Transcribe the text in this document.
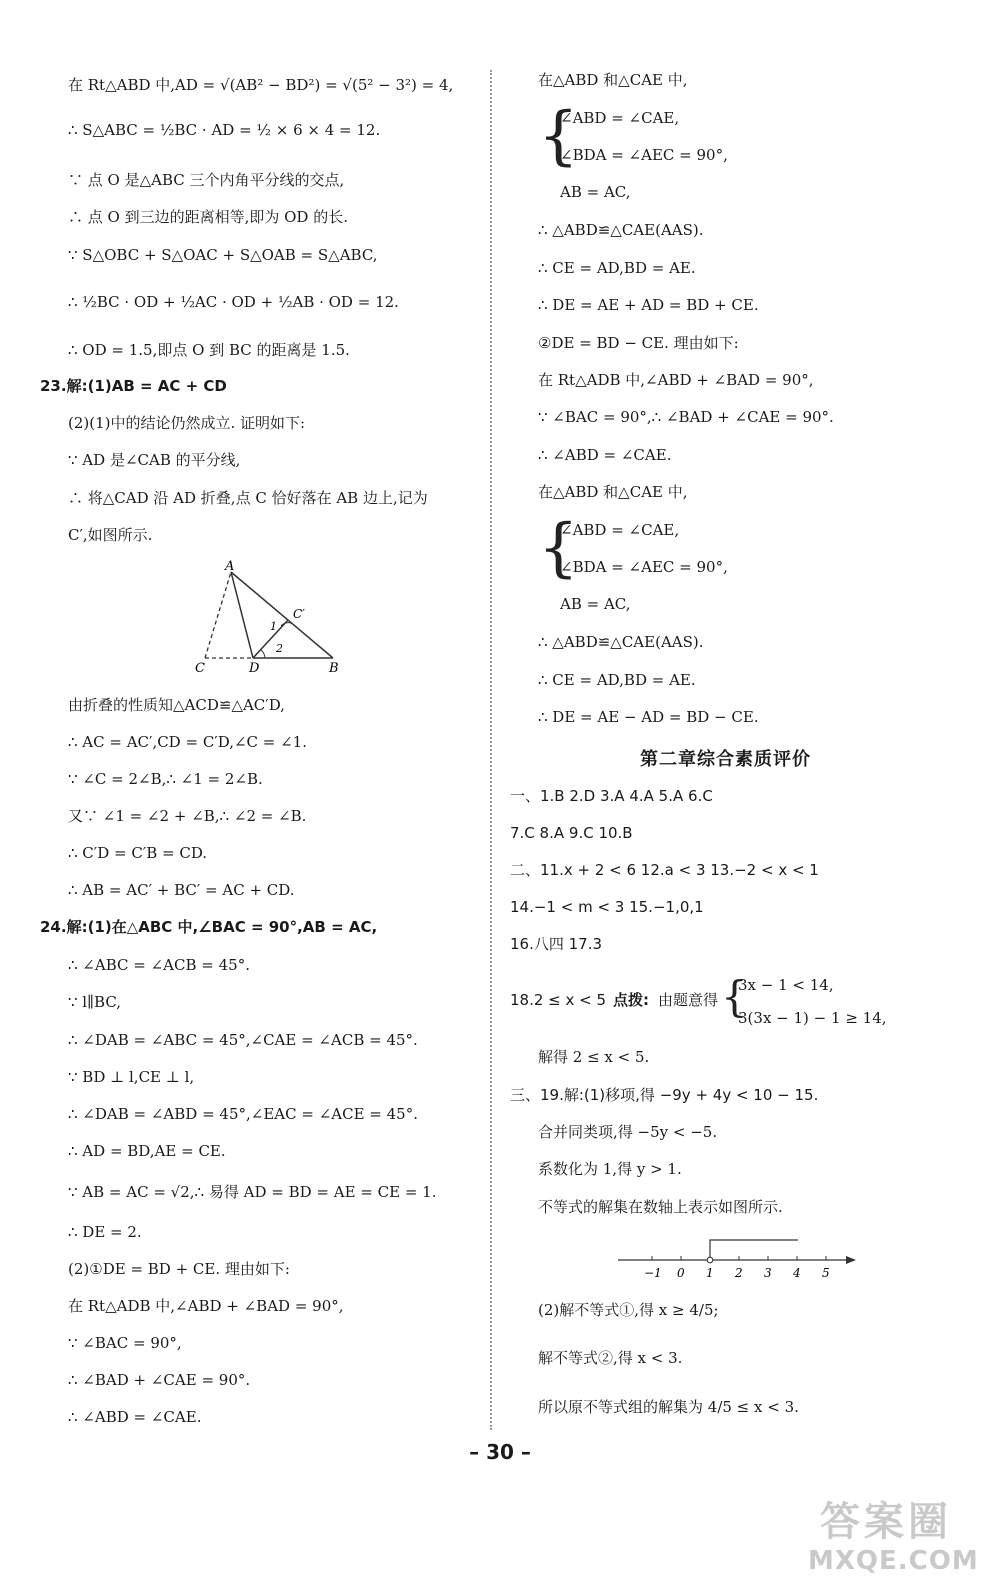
在 Rt△ABD 中,AD = √(AB² − BD²) = √(5² − 3²) = 4,
∴ S△ABC = ½BC · AD = ½ × 6 × 4 = 12.
∵ 点 O 是△ABC 三个内角平分线的交点,
∴ 点 O 到三边的距离相等,即为 OD 的长.
∵ S△OBC + S△OAC + S△OAB = S△ABC,
∴ ½BC · OD + ½AC · OD + ½AB · OD = 12.
∴ OD = 1.5,即点 O 到 BC 的距离是 1.5.
23.解:(1)AB = AC + CD
(2)(1)中的结论仍然成立. 证明如下:
∵ AD 是∠CAB 的平分线,
∴ 将△CAD 沿 AD 折叠,点 C 恰好落在 AB 边上,记为
C′,如图所示.
A
C′
1
2
C	D	B
由折叠的性质知△ACD≌△AC′D,
∴ AC = AC′,CD = C′D,∠C = ∠1.
∵ ∠C = 2∠B,∴ ∠1 = 2∠B.
又∵ ∠1 = ∠2 + ∠B,∴ ∠2 = ∠B.
∴ C′D = C′B = CD.
∴ AB = AC′ + BC′ = AC + CD.
24.解:(1)在△ABC 中,∠BAC = 90°,AB = AC,
∴ ∠ABC = ∠ACB = 45°.
∵ l∥BC,
∴ ∠DAB = ∠ABC = 45°,∠CAE = ∠ACB = 45°.
∵ BD ⊥ l,CE ⊥ l,
∴ ∠DAB = ∠ABD = 45°,∠EAC = ∠ACE = 45°.
∴ AD = BD,AE = CE.
∵ AB = AC = √2,∴ 易得 AD = BD = AE = CE = 1.
∴ DE = 2.
(2)①DE = BD + CE. 理由如下:
在 Rt△ADB 中,∠ABD + ∠BAD = 90°,
∵ ∠BAC = 90°,
∴ ∠BAD + ∠CAE = 90°.
∴ ∠ABD = ∠CAE.
在△ABD 和△CAE 中,
{
∠ABD = ∠CAE,
∠BDA = ∠AEC = 90°,
AB = AC,
∴ △ABD≌△CAE(AAS).
∴ CE = AD,BD = AE.
∴ DE = AE + AD = BD + CE.
②DE = BD − CE. 理由如下:
在 Rt△ADB 中,∠ABD + ∠BAD = 90°,
∵ ∠BAC = 90°,∴ ∠BAD + ∠CAE = 90°.
∴ ∠ABD = ∠CAE.
在△ABD 和△CAE 中,
{
∠ABD = ∠CAE,
∠BDA = ∠AEC = 90°,
AB = AC,
∴ △ABD≌△CAE(AAS).
∴ CE = AD,BD = AE.
∴ DE = AE − AD = BD − CE.
第二章综合素质评价
一、1.B 2.D 3.A 4.A 5.A 6.C
7.C 8.A 9.C 10.B
二、11.x + 2 < 6 12.a < 3 13.−2 < x < 1
14.−1 < m < 3 15.−1,0,1
16.八四 17.3
18.2 ≤ x < 5 点拨: 由题意得 {
3x − 1 < 14,
3(3x − 1) − 1 ≥ 14,
解得 2 ≤ x < 5.
三、19.解:(1)移项,得 −9y + 4y < 10 − 15.
合并同类项,得 −5y < −5.
系数化为 1,得 y > 1.
不等式的解集在数轴上表示如图所示.
−1 0 1 2 3 4 5
(2)解不等式①,得 x ≥ 4/5;
解不等式②,得 x < 3.
所以原不等式组的解集为 4/5 ≤ x < 3.
– 30 –
答案圈
MXQE.COM
